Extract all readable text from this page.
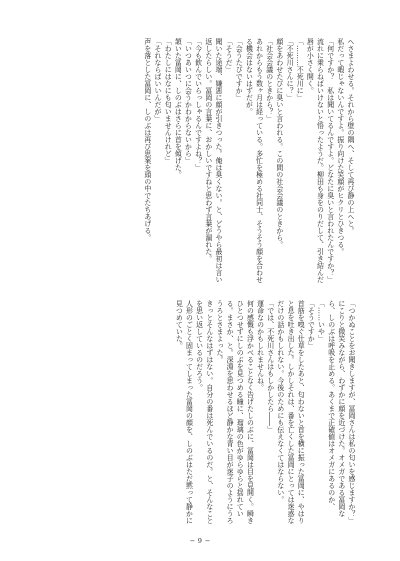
へさまよわせる。それから壁の隅へ、そして再び静の上へと。

私だって暇じゃないんですよ。振り向けた笑顔がヒクリとひきつる。

「何ですか？　私は聞いてるんですよ。どなたに臭いと言われたんですか？」

流れに乗らねばいけないと悟ったようだ。柳田も身をのりだして、引き結んだ唇が小さく開く。

「………不死川に」

「不死川さんに？」

顔をあわせたびに臭いと言われる。この間の社会会議のときから。

「社会会議のときから？」

あれからもう数ヶ月は経っている。多忙を極める社同士、そうそう顔を合わせる機会はないはずだが。

「会うたびですか」

「そうだ」

聞いた途端、嫌悪に顔が引きつった。俺は臭くない。と、どうやら最初は言い返したらしい。冨岡の言葉に、おかしいですねと思わず言葉が漏れた。

「今も飲んでいらっしゃるんですよね？」

「いつあいつに会うかわからないから」

頷いた冨岡に、しのぶはさらに首を傾げた。

「わたしにはなにも匂いませんけれど」

「それならばいいんだが」

声を落とした冨岡に、しのぶは再び思案を頭の中でたちあげる。

「つかぬことをお聞きしますが、冨岡さんは私の匂いを感じますか？」

にこりと微笑みながら、わずかに顔を近づけた。オメガである冨岡なら、しのぶは呼吸を止める。あくまで正確値はオメガにあるのか、

「……いや」

「そうですか」

首筋を嗅ぐ仕草をしたあと、匂わないと首を横に振った冨岡に、やはりと息を吐き出した。しかしそれは、番を亡くした冨岡にとっては迷惑なだけの話かもしれない。今後のためにも伝えなくてはならない。

「では、不死川さんはもしかしたら――」

運命なのかもしれませんね。

何の感慨も浮かべることなく告げたしのぶに、冨岡は目を見開く。瞬きひとつせずにしのぶを見つめる瞳に、瑠璃の色がゆらゆらと揺れている。まさか、と。深淵を思わせるほど静かな青い目が迷子のようにうろうろとさまよった。

きっとそんなはずはない。自分の番は死んでいるのだ。と、そんなことを思い返しているのだろう。

人形のごとく固まってしまった冨岡の顔を、しのぶはただ黙って静かに見つめていた。

− 9 −
